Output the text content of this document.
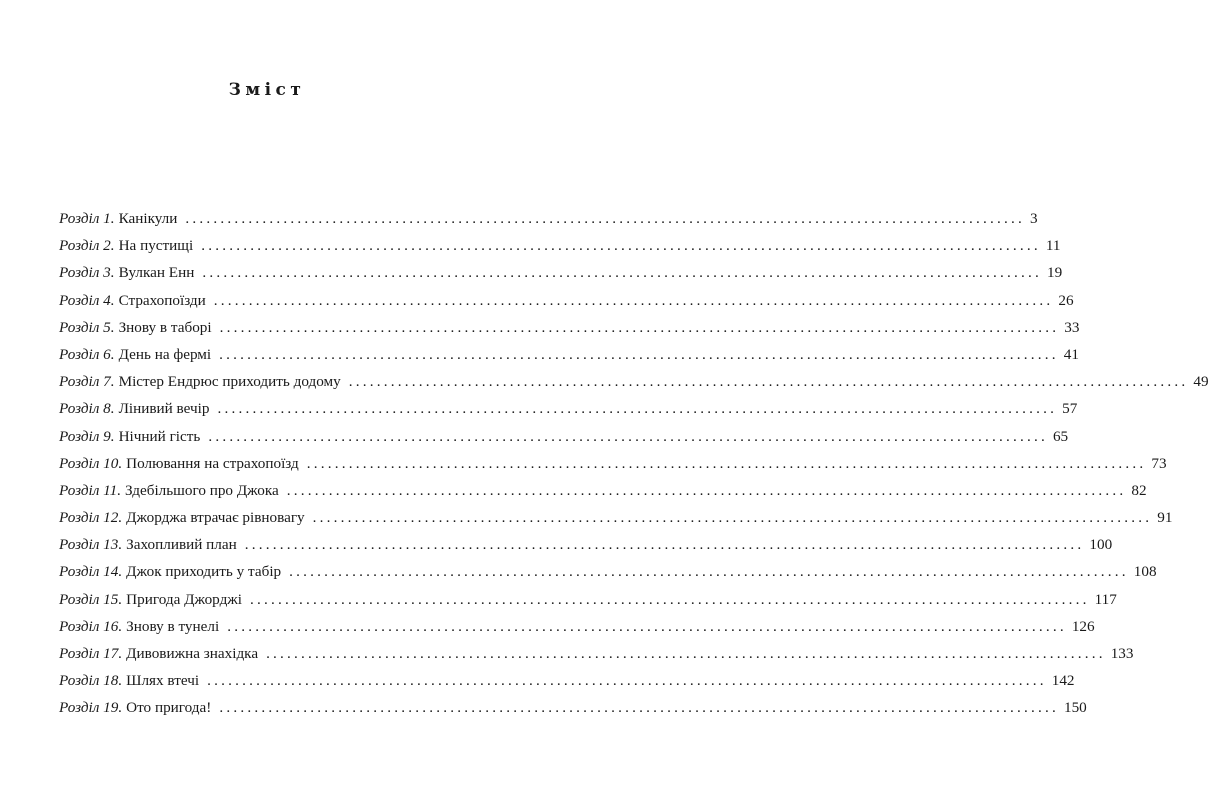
Зміст
Розділ 1. Канікули ........................................................................................................................ 3
Розділ 2. На пустищі ........................................................................................................................ 11
Розділ 3. Вулкан Енн ........................................................................................................................ 19
Розділ 4. Страхопоїзди ........................................................................................................................ 26
Розділ 5. Знову в таборі ........................................................................................................................ 33
Розділ 6. День на фермі ........................................................................................................................ 41
Розділ 7. Містер Ендрюс приходить додому ........................................................................................................................ 49
Розділ 8. Лінивий вечір ........................................................................................................................ 57
Розділ 9. Нічний гість ........................................................................................................................ 65
Розділ 10. Полювання на страхопоїзд ........................................................................................................................ 73
Розділ 11. Здебільшого про Джока ........................................................................................................................ 82
Розділ 12. Джорджа втрачає рівновагу ........................................................................................................................ 91
Розділ 13. Захопливий план ........................................................................................................................ 100
Розділ 14. Джок приходить у табір ........................................................................................................................ 108
Розділ 15. Пригода Джорджі ........................................................................................................................ 117
Розділ 16. Знову в тунелі ........................................................................................................................ 126
Розділ 17. Дивовижна знахідка ........................................................................................................................ 133
Розділ 18. Шлях втечі ........................................................................................................................ 142
Розділ 19. Ото пригода! ........................................................................................................................ 150
